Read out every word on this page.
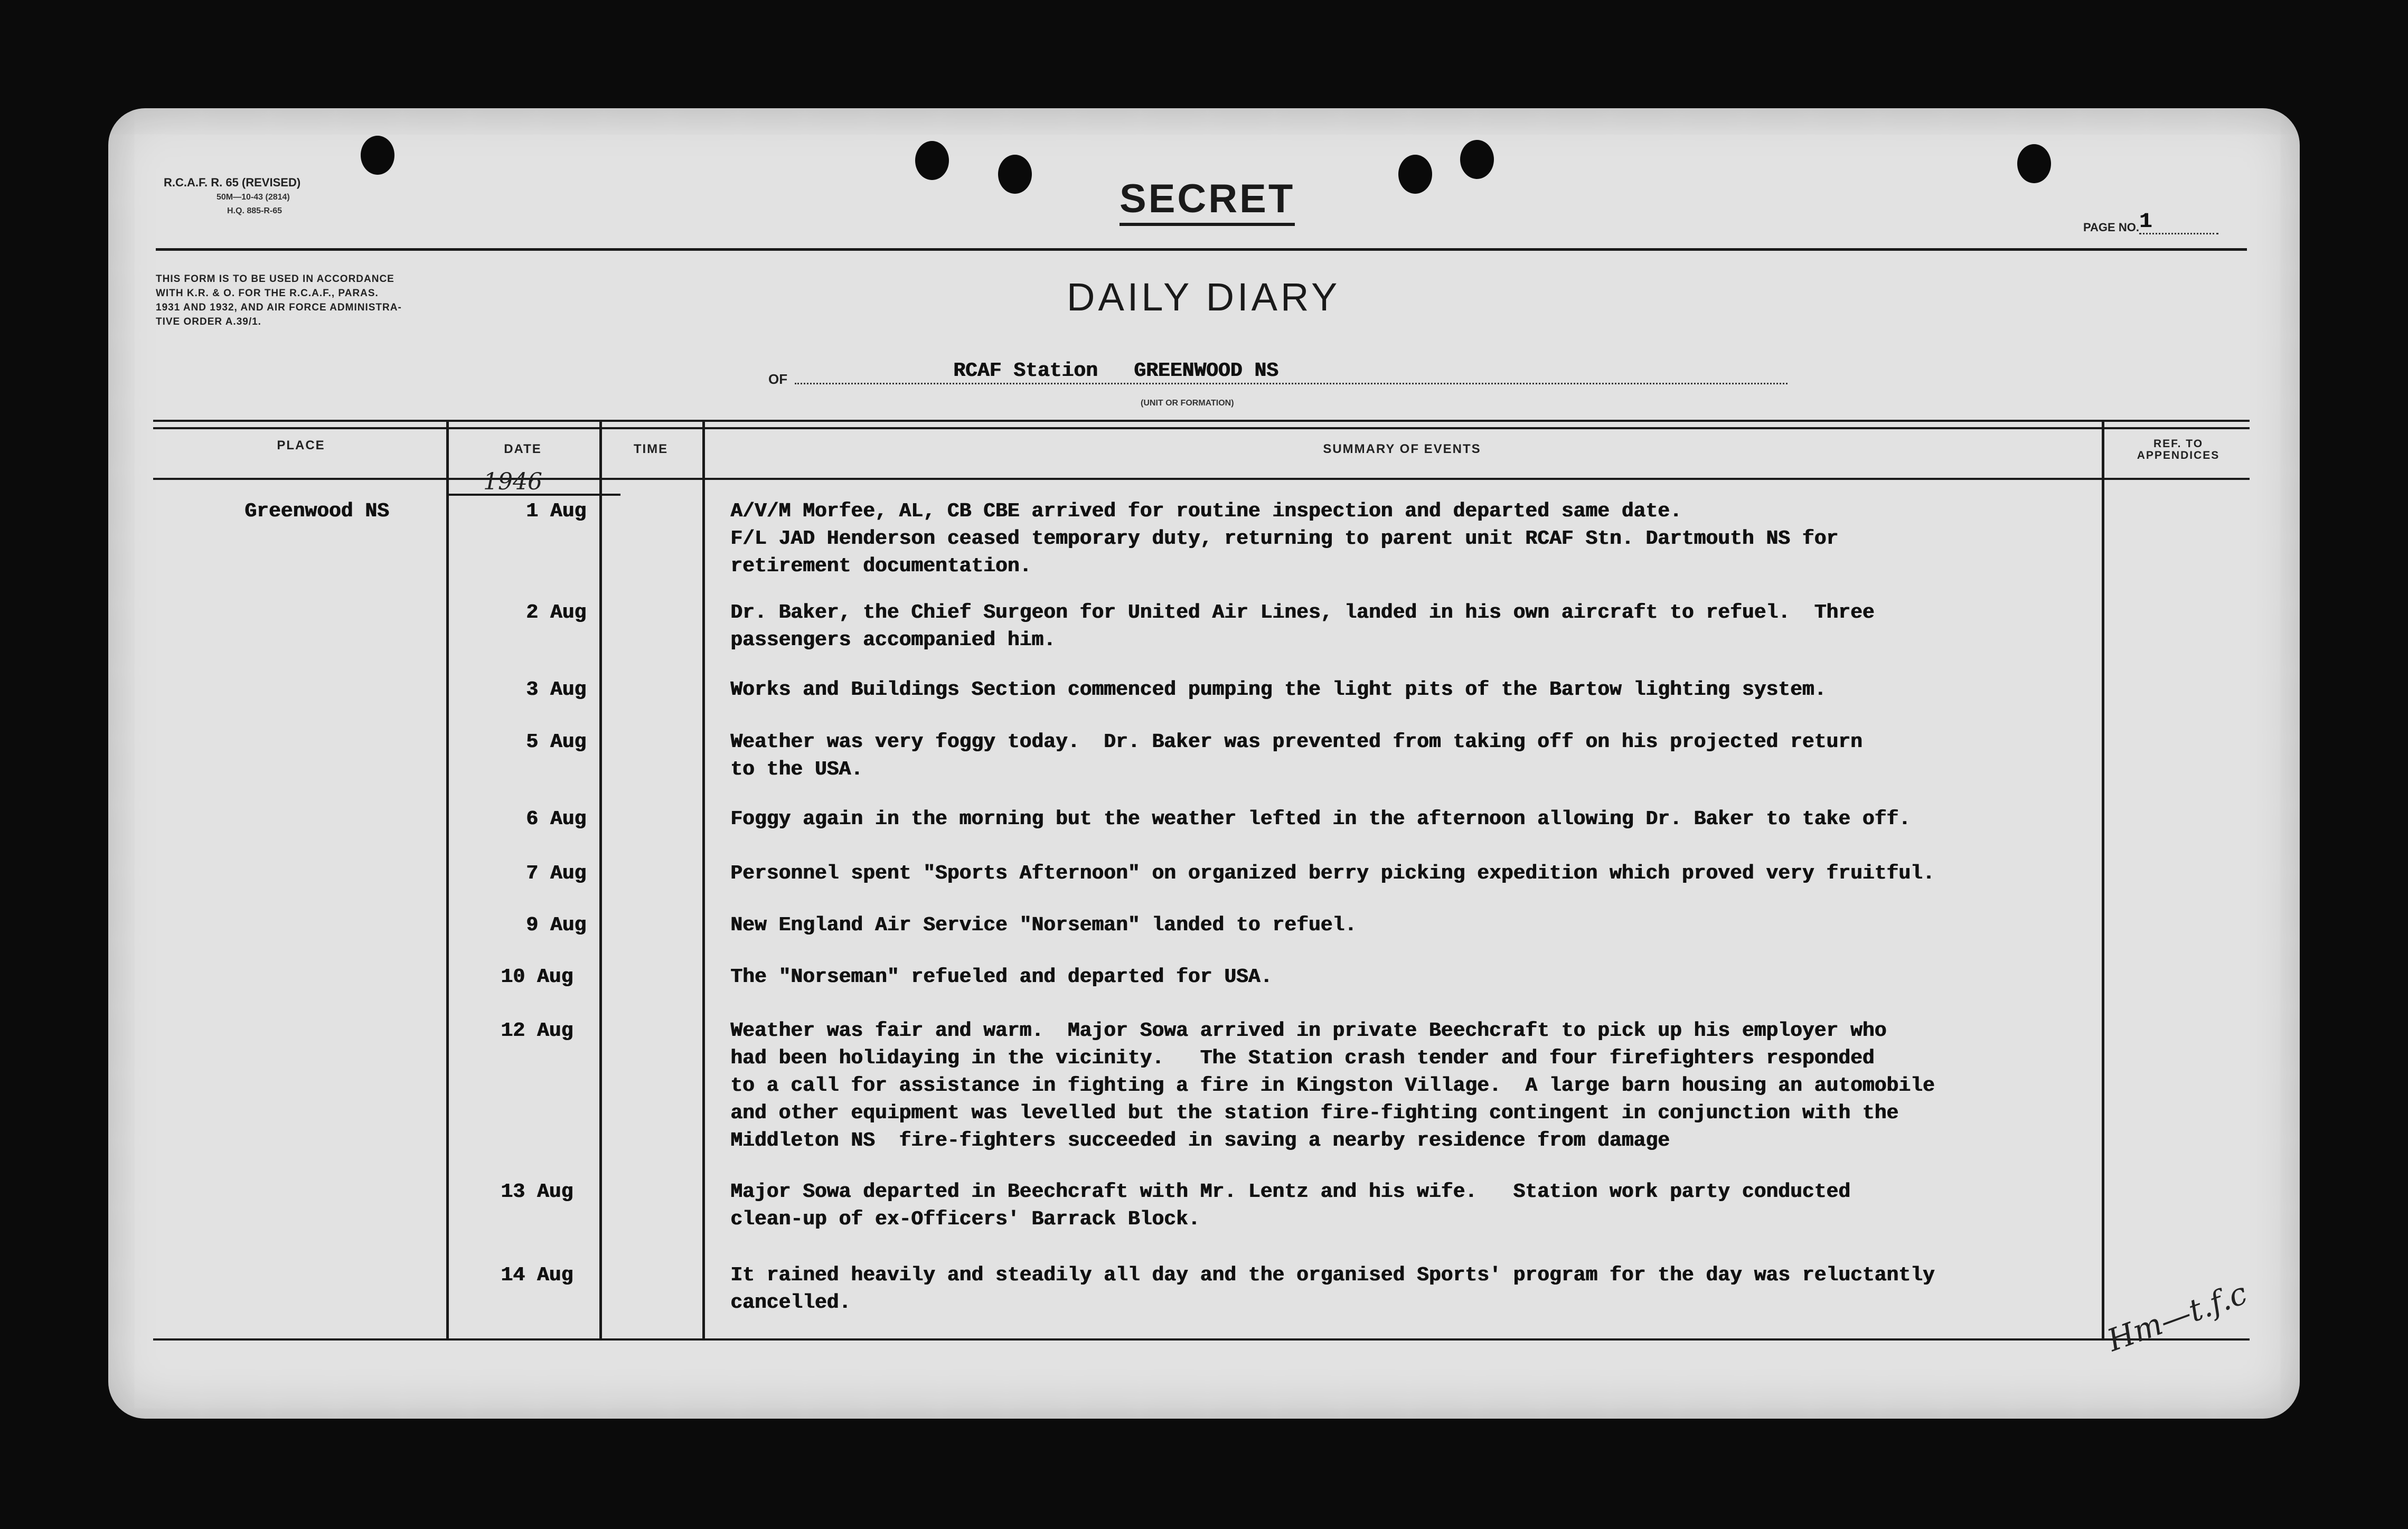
R.C.A.F. R. 65 (REVISED)
50M—10-43 (2814)
H.Q. 885-R-65	SECRET
PAGE NO. 1
THIS FORM IS TO BE USED IN ACCORDANCE
WITH K.R. & O. FOR THE R.C.A.F., PARAS.
1931 AND 1932, AND AIR FORCE ADMINISTRA-
TIVE ORDER A.39/1.
DAILY DIARY
OF	RCAF Station   GREENWOOD NS
(UNIT OR FORMATION)
PLACE	DATE	TIME	SUMMARY OF EVENTS	REF. TO
APPENDICES
1946
Greenwood NS	1 Aug	A/V/M Morfee, AL, CB CBE arrived for routine inspection and departed same date.
F/L JAD Henderson ceased temporary duty, returning to parent unit RCAF Stn. Dartmouth NS for
retirement documentation.
2 Aug	Dr. Baker, the Chief Surgeon for United Air Lines, landed in his own aircraft to refuel.  Three
passengers accompanied him.
3 Aug	Works and Buildings Section commenced pumping the light pits of the Bartow lighting system.
5 Aug	Weather was very foggy today.  Dr. Baker was prevented from taking off on his projected return
to the USA.
6 Aug	Foggy again in the morning but the weather lefted in the afternoon allowing Dr. Baker to take off.
7 Aug	Personnel spent "Sports Afternoon" on organized berry picking expedition which proved very fruitful.
9 Aug	New England Air Service "Norseman" landed to refuel.
10 Aug	The "Norseman" refueled and departed for USA.
12 Aug	Weather was fair and warm.  Major Sowa arrived in private Beechcraft to pick up his employer who
had been holidaying in the vicinity.   The Station crash tender and four firefighters responded
to a call for assistance in fighting a fire in Kingston Village.  A large barn housing an automobile
and other equipment was levelled but the station fire-fighting contingent in conjunction with the
Middleton NS  fire-fighters succeeded in saving a nearby residence from damage
13 Aug	Major Sowa departed in Beechcraft with Mr. Lentz and his wife.   Station work party conducted
clean-up of ex-Officers' Barrack Block.
14 Aug	It rained heavily and steadily all day and the organised Sports' program for the day was reluctantly
cancelled.	Hm—t.f.c
